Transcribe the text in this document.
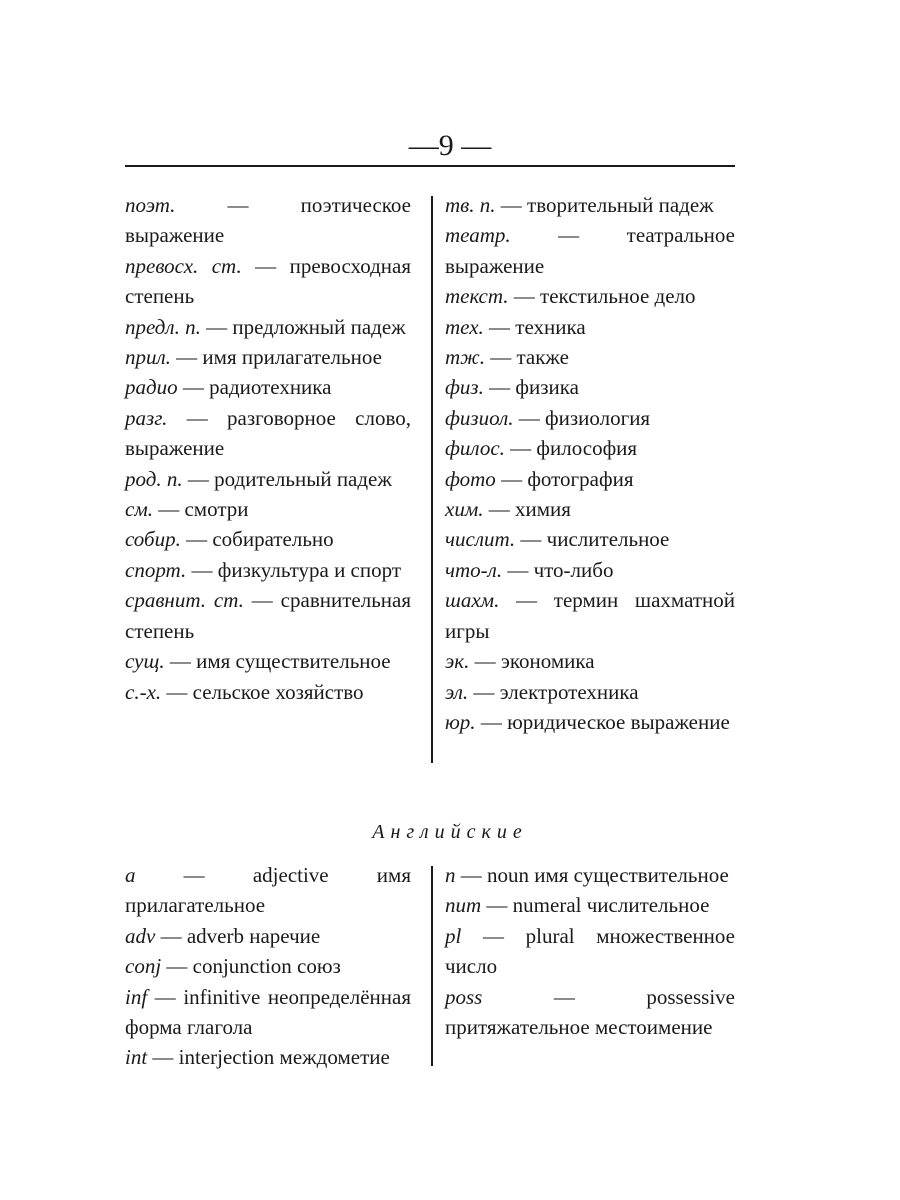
—9 —

поэт. — поэтическое выражение

превосх. ст. — превосходная степень

предл. п. — предложный падеж

прил. — имя прилагательное

радио — радиотехника

разг. — разговорное слово, выражение

род. п. — родительный падеж

см. — смотри

собир. — собирательно

спорт. — физкультура и спорт

сравнит. ст. — сравнительная степень

сущ. — имя существительное

с.-х. — сельское хозяйство

тв. п. — творительный падеж

театр. — театральное выражение

текст. — текстильное дело

тех. — техника

тж. — также

физ. — физика

физиол. — физиология

филос. — философия

фото — фотография

хим. — химия

числит. — числительное

что-л. — что-либо

шахм. — термин шахматной игры

эк. — экономика

эл. — электротехника

юр. — юридическое выражение

Английские

a — adjective имя прилагательное

adv — adverb наречие

conj — conjunction союз

inf — infinitive неопределённая форма глагола

int — interjection междометие

n — noun имя существительное

num — numeral числительное

pl — plural множественное число

poss	— possessive притяжательное местоимение
